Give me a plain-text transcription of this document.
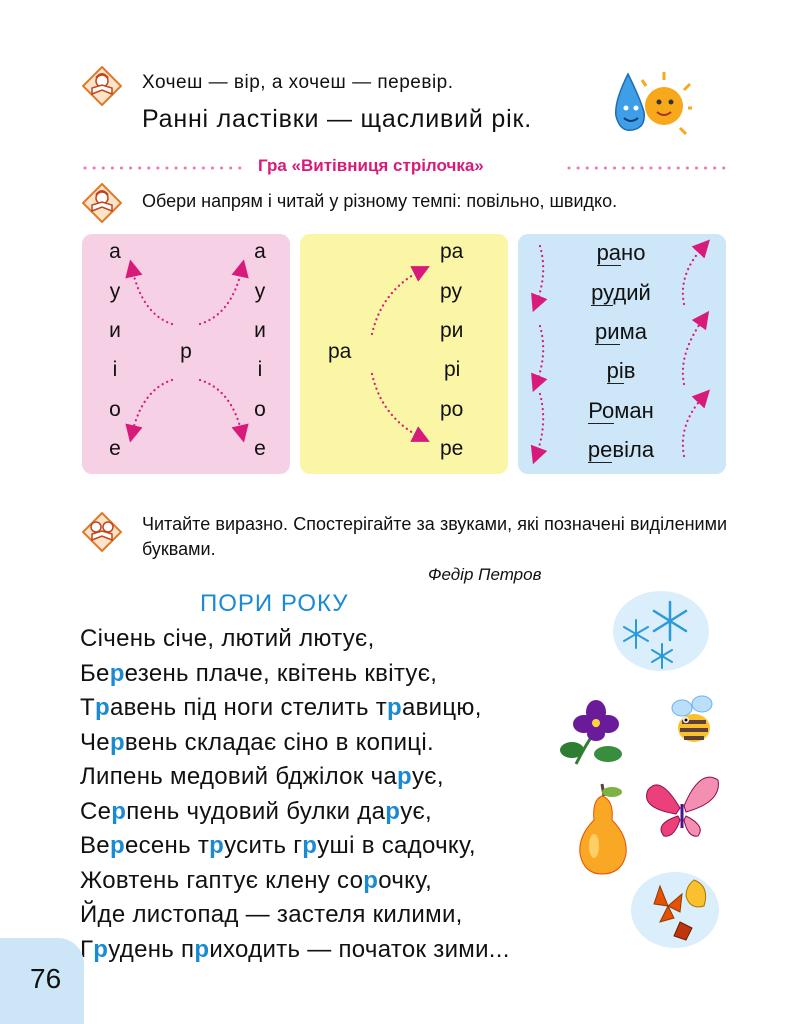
Хочеш — вір, а хочеш — перевір.
Ранні ластівки — щасливий рік.
Гра «Витівниця стрілочка»
Обери напрям і читай у різному темпі: повільно, швидко.
а
у
и
і
о
е
р
а
у
и
і
о
е
ра
ра
ру
ри
рі
ро
ре
рано
рудий
рима
рів
Роман
ревіла
Читайте виразно. Спостерігайте за звуками, які позначені виділеними буквами.
Федір Петров
ПОРИ РОКУ
Січень січе, лютий лютує,
Березень плаче, квітень квітує,
Травень під ноги стелить травицю,
Червень складає сіно в копиці.
Липень медовий бджілок чарує,
Серпень чудовий булки дарує,
Вересень трусить груші в садочку,
Жовтень гаптує клену сорочку,
Йде листопад — застеля килими,
Грудень приходить — початок зими...
76
